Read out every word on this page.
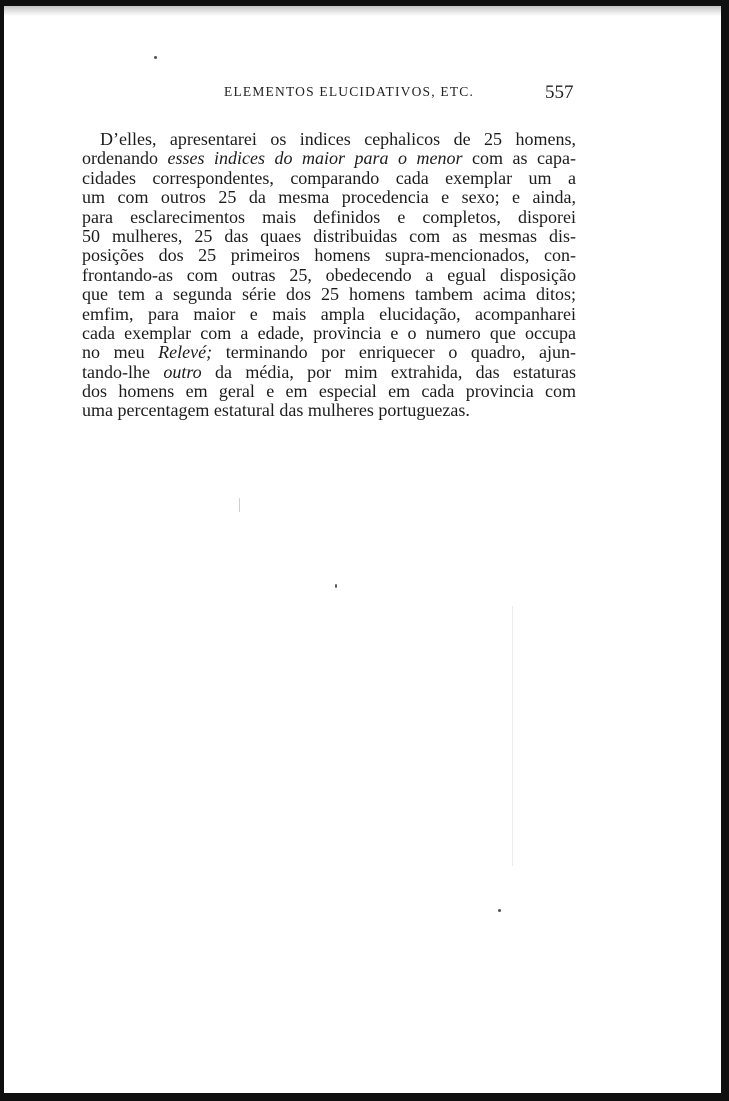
ELEMENTOS ELUCIDATIVOS, ETC.	557
D’elles, apresentarei os indices cephalicos de 25 homens,
ordenando esses indices do maior para o menor com as capa-
cidades correspondentes, comparando cada exemplar um a
um com outros 25 da mesma procedencia e sexo; e ainda,
para esclarecimentos mais definidos e completos, disporei
50 mulheres, 25 das quaes distribuidas com as mesmas dis-
posições dos 25 primeiros homens supra-mencionados, con-
frontando-as com outras 25, obedecendo a egual disposição
que tem a segunda série dos 25 homens tambem acima ditos;
emfim, para maior e mais ampla elucidação, acompanharei
cada exemplar com a edade, provincia e o numero que occupa
no meu Relevé; terminando por enriquecer o quadro, ajun-
tando-lhe outro da média, por mim extrahida, das estaturas
dos homens em geral e em especial em cada provincia com
uma percentagem estatural das mulheres portuguezas.
